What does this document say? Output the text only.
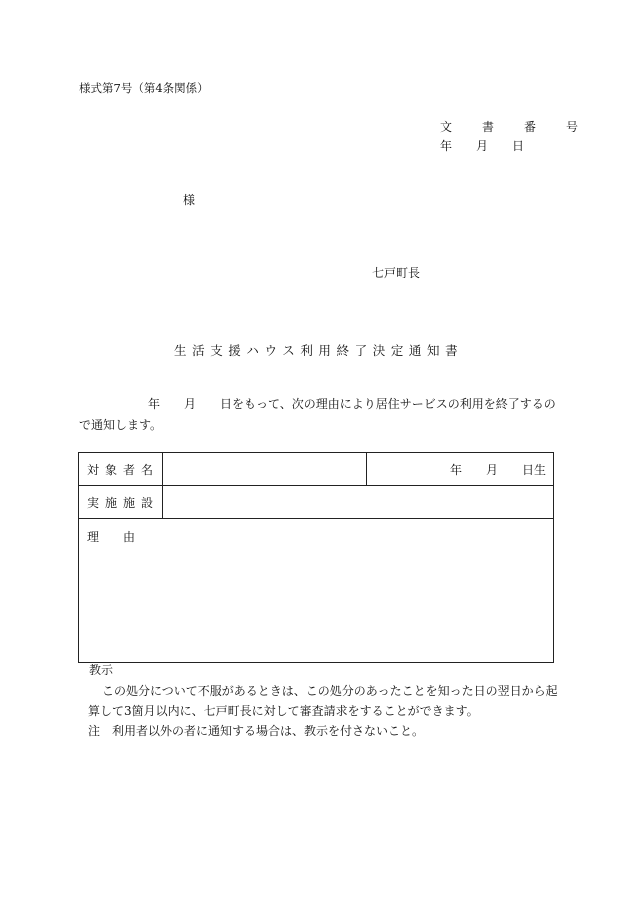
様式第7号（第4条関係）
文　書　番　号
年 月 日
様
七戸町長
生活支援ハウス利用終了決定通知書
年　　月　　日をもって、次の理由により居住サービスの利用を終了するの
で通知します。
対象者名		年　　月　　日生
実施施設		
理　　由		
教示
この処分について不服があるときは、この処分のあったことを知った日の翌日から起
算して3箇月以内に、七戸町長に対して審査請求をすることができます。
注　利用者以外の者に通知する場合は、教示を付さないこと。
